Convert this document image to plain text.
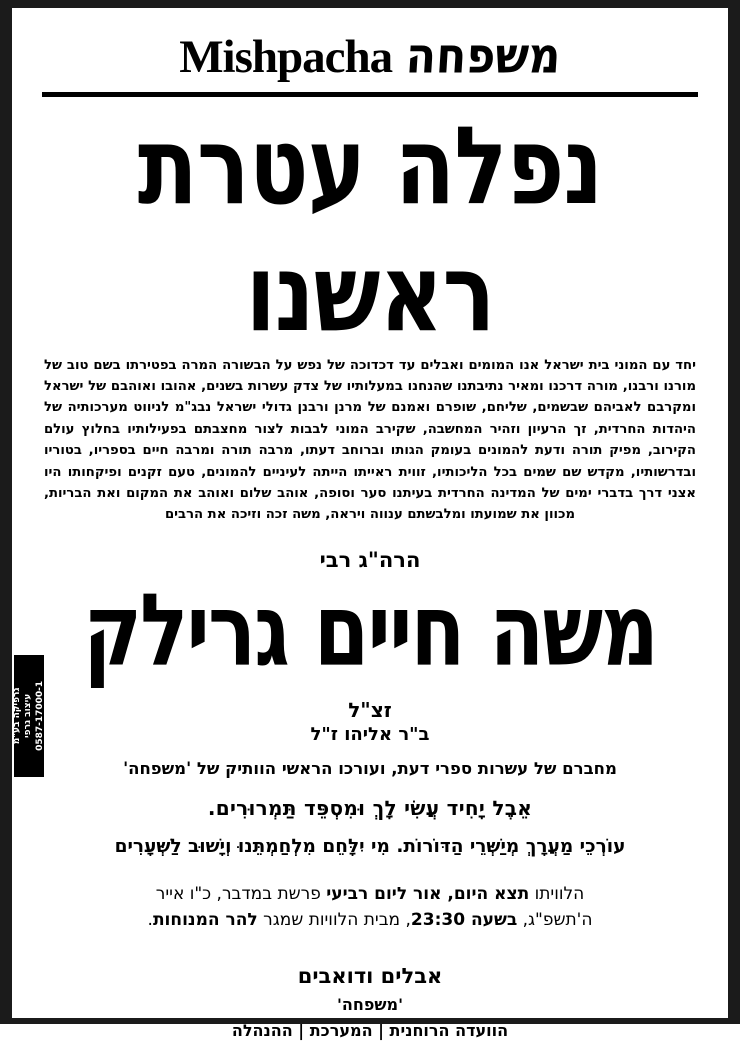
Mishpacha משפחה
נפלה עטרת ראשנו

יחד עם המוני בית ישראל אנו המומים ואבלים עד דכדוכה של נפש על הבשורה המרה בפטירתו בשם טוב של מורנו ורבנו, מורה דרכנו ומאיר נתיבתנו שהנחנו במעלותיו של צדק עשרות בשנים, אהובו ואוהבם של ישראל ומקרבם לאביהם שבשמים, שליחם, שופרם ואמנם של מרנן ורבנן גדולי ישראל נבג"מ לניווט מערכותיה של היהדות החרדית, זך הרעיון וזהיר המחשבה, שקירב המוני לבבות לצור מחצבתם בפעילותיו בחלוץ עולם הקירוב, מפיק תורה ודעת להמונים בעומק הגותו וברוחב דעתו, מרבה תורה ומרבה חיים בספריו, בטוריו ובדרשותיו, מקדש שם שמים בכל הליכותיו, זווית ראייתו הייתה לעיניים להמונים, טעם זקנים ופיקחותו היו אצני דרך בדברי ימים של המדינה החרדית בעיתנו סער וסופה, אוהב שלום ואוהב את המקום ואת הבריות, מכוון את שמועתו ומלבשתם ענווה ויראה, משה זכה וזיכה את הרבים

הרה"ג רבי
משה חיים גרילק
זצ"ל
ב"ר אליהו ז"ל
מחברם של עשרות ספרי דעת, ועורכו הראשי הוותיק של 'משפחה'
אֵבֶל יָחִיד עֲשִׂי לָךְ וּמִסְפֵּד תַּמְרוּרִים.
עוֹרְכֵי מַעֲרָךְ מְיַשְּׁרֵי הַדּוֹרוֹת. מִי יִלָּחֵם מִלְחַמְתֵּנוּ וְיָשׁוּב לַשְּׁעָרִים
הלוויתו תצא היום, אור ליום רביעי פרשת במדבר, כ"ו אייר
ה'תשפ"ג, בשעה 23:30, מבית הלוויות שמגר להר המנוחות.
אבלים ודואבים
'משפחה'
הוועדה הרוחנית | המערכת | ההנהלה
גרפיקה בע"מ עיצוב גרפי 0587-17000-1
